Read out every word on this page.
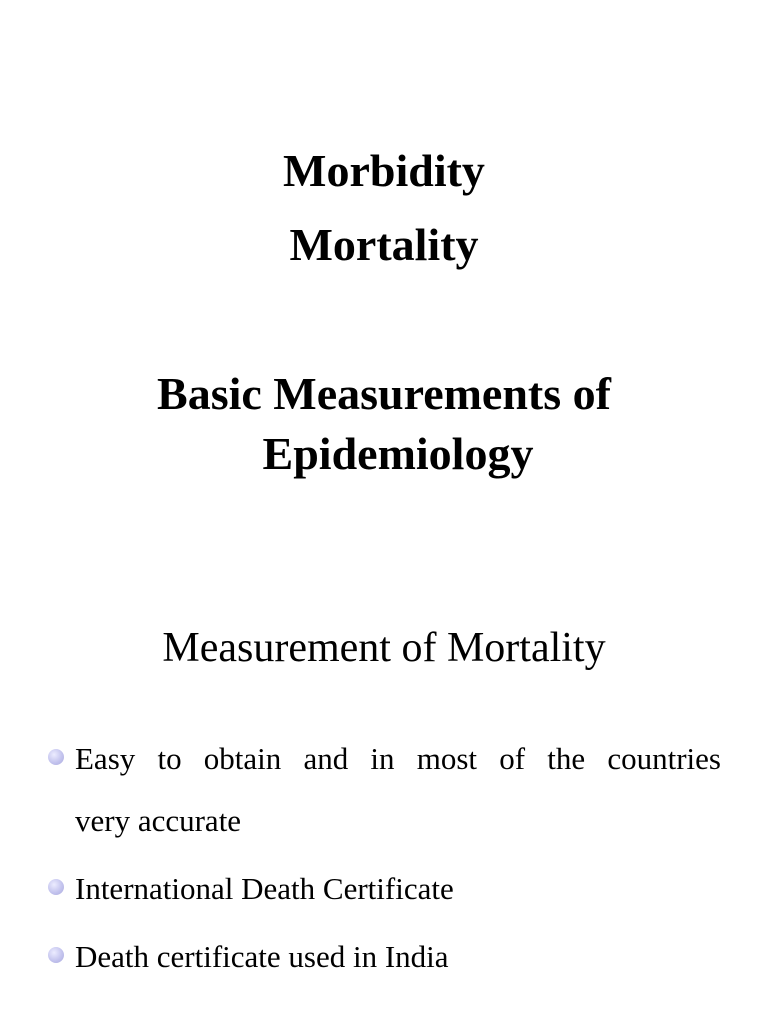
Morbidity
Mortality
Basic Measurements of
Epidemiology
Measurement of Mortality
Easy to obtain and in most of the countries
very accurate
International Death Certificate
Death certificate used in India
